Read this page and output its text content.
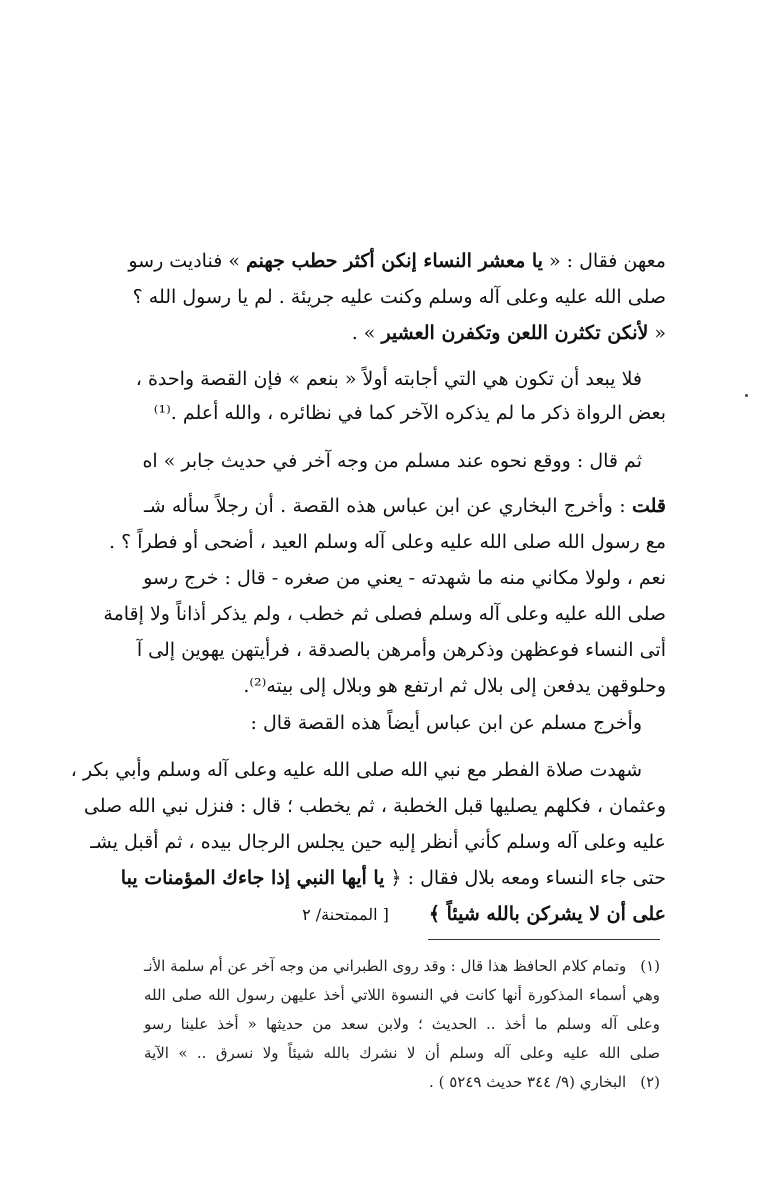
معهن فقال : « يا معشر النساء إنكن أكثر حطب جهنم » فناديت رسو
صلى الله عليه وعلى آله وسلم وكنت عليه جريئة . لم يا رسول الله ؟
« لأنكن تكثرن اللعن وتكفرن العشير » .
فلا يبعد أن تكون هي التي أجابته أولاً « بنعم » فإن القصة واحدة ،
بعض الرواة ذكر ما لم يذكره الآخر كما في نظائره ، والله أعلم .⁽¹⁾
ثم قال : ووقع نحوه عند مسلم من وجه آخر في حديث جابر » اه
قلت : وأخرج البخاري عن ابن عباس هذه القصة . أن رجلاً سأله شـ
مع رسول الله صلى الله عليه وعلى آله وسلم العيد ، أضحى أو فطراً ؟ .
نعم ، ولولا مكاني منه ما شهدته - يعني من صغره - قال : خرج رسو
صلى الله عليه وعلى آله وسلم فصلى ثم خطب ، ولم يذكر أذاناً ولا إقامة
أتى النساء فوعظهن وذكرهن وأمرهن بالصدقة ، فرأيتهن يهوين إلى آ
وحلوقهن يدفعن إلى بلال ثم ارتفع هو وبلال إلى بيته⁽²⁾.
وأخرج مسلم عن ابن عباس أيضاً هذه القصة قال :
شهدت صلاة الفطر مع نبي الله صلى الله عليه وعلى آله وسلم وأبي بكر ،
وعثمان ، فكلهم يصليها قبل الخطبة ، ثم يخطب ؛ قال : فنزل نبي الله صلى
عليه وعلى آله وسلم كأني أنظر إليه حين يجلس الرجال بيده ، ثم أقبل يشـ
حتى جاء النساء ومعه بلال فقال : ﴿ يا أيها النبي إذا جاءك المؤمنات يبا
على أن لا يشركن بالله شيئاً ﴾[ الممتحنة/ ٢
(١)وتمام كلام الحافظ هذا قال : وقد روى الطبراني من وجه آخر عن أم سلمة الأنـ
وهي أسماء المذكورة أنها كانت في النسوة اللاتي أخذ عليهن رسول الله صلى الله
وعلى آله وسلم ما أخذ .. الحديث ؛ ولابن سعد من حديثها « أخذ علينا رسو
صلى الله عليه وعلى آله وسلم أن لا نشرك بالله شيئاً ولا نسرق .. » الآية
(٢)البخاري (٩/ ٣٤٤ حديث ٥٢٤٩ ) .
